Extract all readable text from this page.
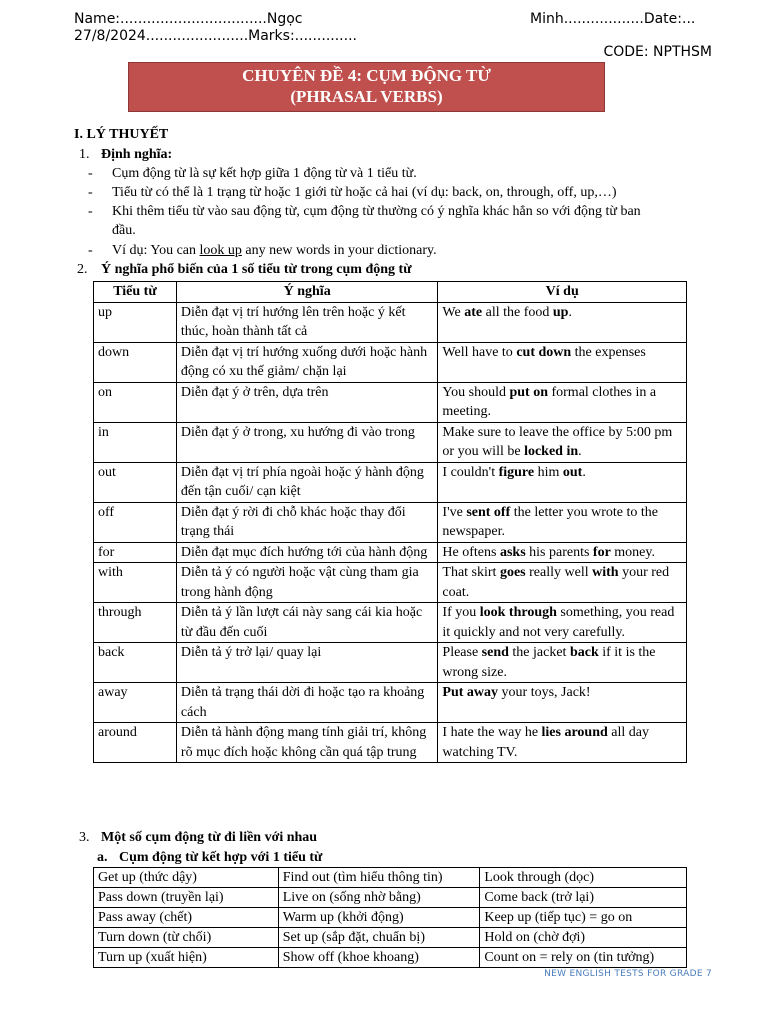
Name:.................................Ngọc	Minh..................Date:...
27/8/2024.......................Marks:..............
CODE: NPTHSM
CHUYÊN ĐỀ 4: CỤM ĐỘNG TỪ
(PHRASAL VERBS)
I. LÝ THUYẾT
1. Định nghĩa:
- Cụm động từ là sự kết hợp giữa 1 động từ và 1 tiểu từ.
- Tiểu từ có thể là 1 trạng từ hoặc 1 giới từ hoặc cả hai (ví dụ: back, on, through, off, up,…)
- Khi thêm tiểu từ vào sau động từ, cụm động từ thường có ý nghĩa khác hẳn so với động từ ban
đầu.
- Ví dụ: You can look up any new words in your dictionary.
2. Ý nghĩa phổ biến của 1 số tiểu từ trong cụm động từ
Tiểu từ	Ý nghĩa	Ví dụ
up	Diễn đạt vị trí hướng lên trên hoặc ý kết thúc, hoàn thành tất cả	We ate all the food up.
down	Diễn đạt vị trí hướng xuống dưới hoặc hành động có xu thế giảm/ chặn lại	Well have to cut down the expenses
on	Diễn đạt ý ở trên, dựa trên	You should put on formal clothes in a meeting.
in	Diễn đạt ý ở trong, xu hướng đi vào trong	Make sure to leave the office by 5:00 pm or you will be locked in.
out	Diễn đạt vị trí phía ngoài hoặc ý hành động đến tận cuối/ cạn kiệt	I couldn't figure him out.
off	Diễn đạt ý rời đi chỗ khác hoặc thay đổi trạng thái	I've sent off the letter you wrote to the newspaper.
for	Diễn đạt mục đích hướng tới của hành động	He oftens asks his parents for money.
with	Diễn tả ý có người hoặc vật cùng tham gia trong hành động	That skirt goes really well with your red coat.
through	Diễn tả ý lần lượt cái này sang cái kia hoặc từ đầu đến cuối	If you look through something, you read it quickly and not very carefully.
back	Diễn tả ý trở lại/ quay lại	Please send the jacket back if it is the wrong size.
away	Diễn tả trạng thái dời đi hoặc tạo ra khoảng cách	Put away your toys, Jack!
around	Diễn tả hành động mang tính giải trí, không rõ mục đích hoặc không cần quá tập trung	I hate the way he lies around all day watching TV.
3. Một số cụm động từ đi liền với nhau
a. Cụm động từ kết hợp với 1 tiểu từ
Get up (thức dậy)	Find out (tìm hiểu thông tin)	Look through (dọc)
Pass down (truyền lại)	Live on (sống nhờ bằng)	Come back (trở lại)
Pass away (chết)	Warm up (khởi động)	Keep up (tiếp tục) = go on
Turn down (từ chối)	Set up (sắp đặt, chuẩn bị)	Hold on (chờ đợi)
Turn up (xuất hiện)	Show off (khoe khoang)	Count on = rely on (tin tưởng)
NEW ENGLISH TESTS FOR GRADE 7
